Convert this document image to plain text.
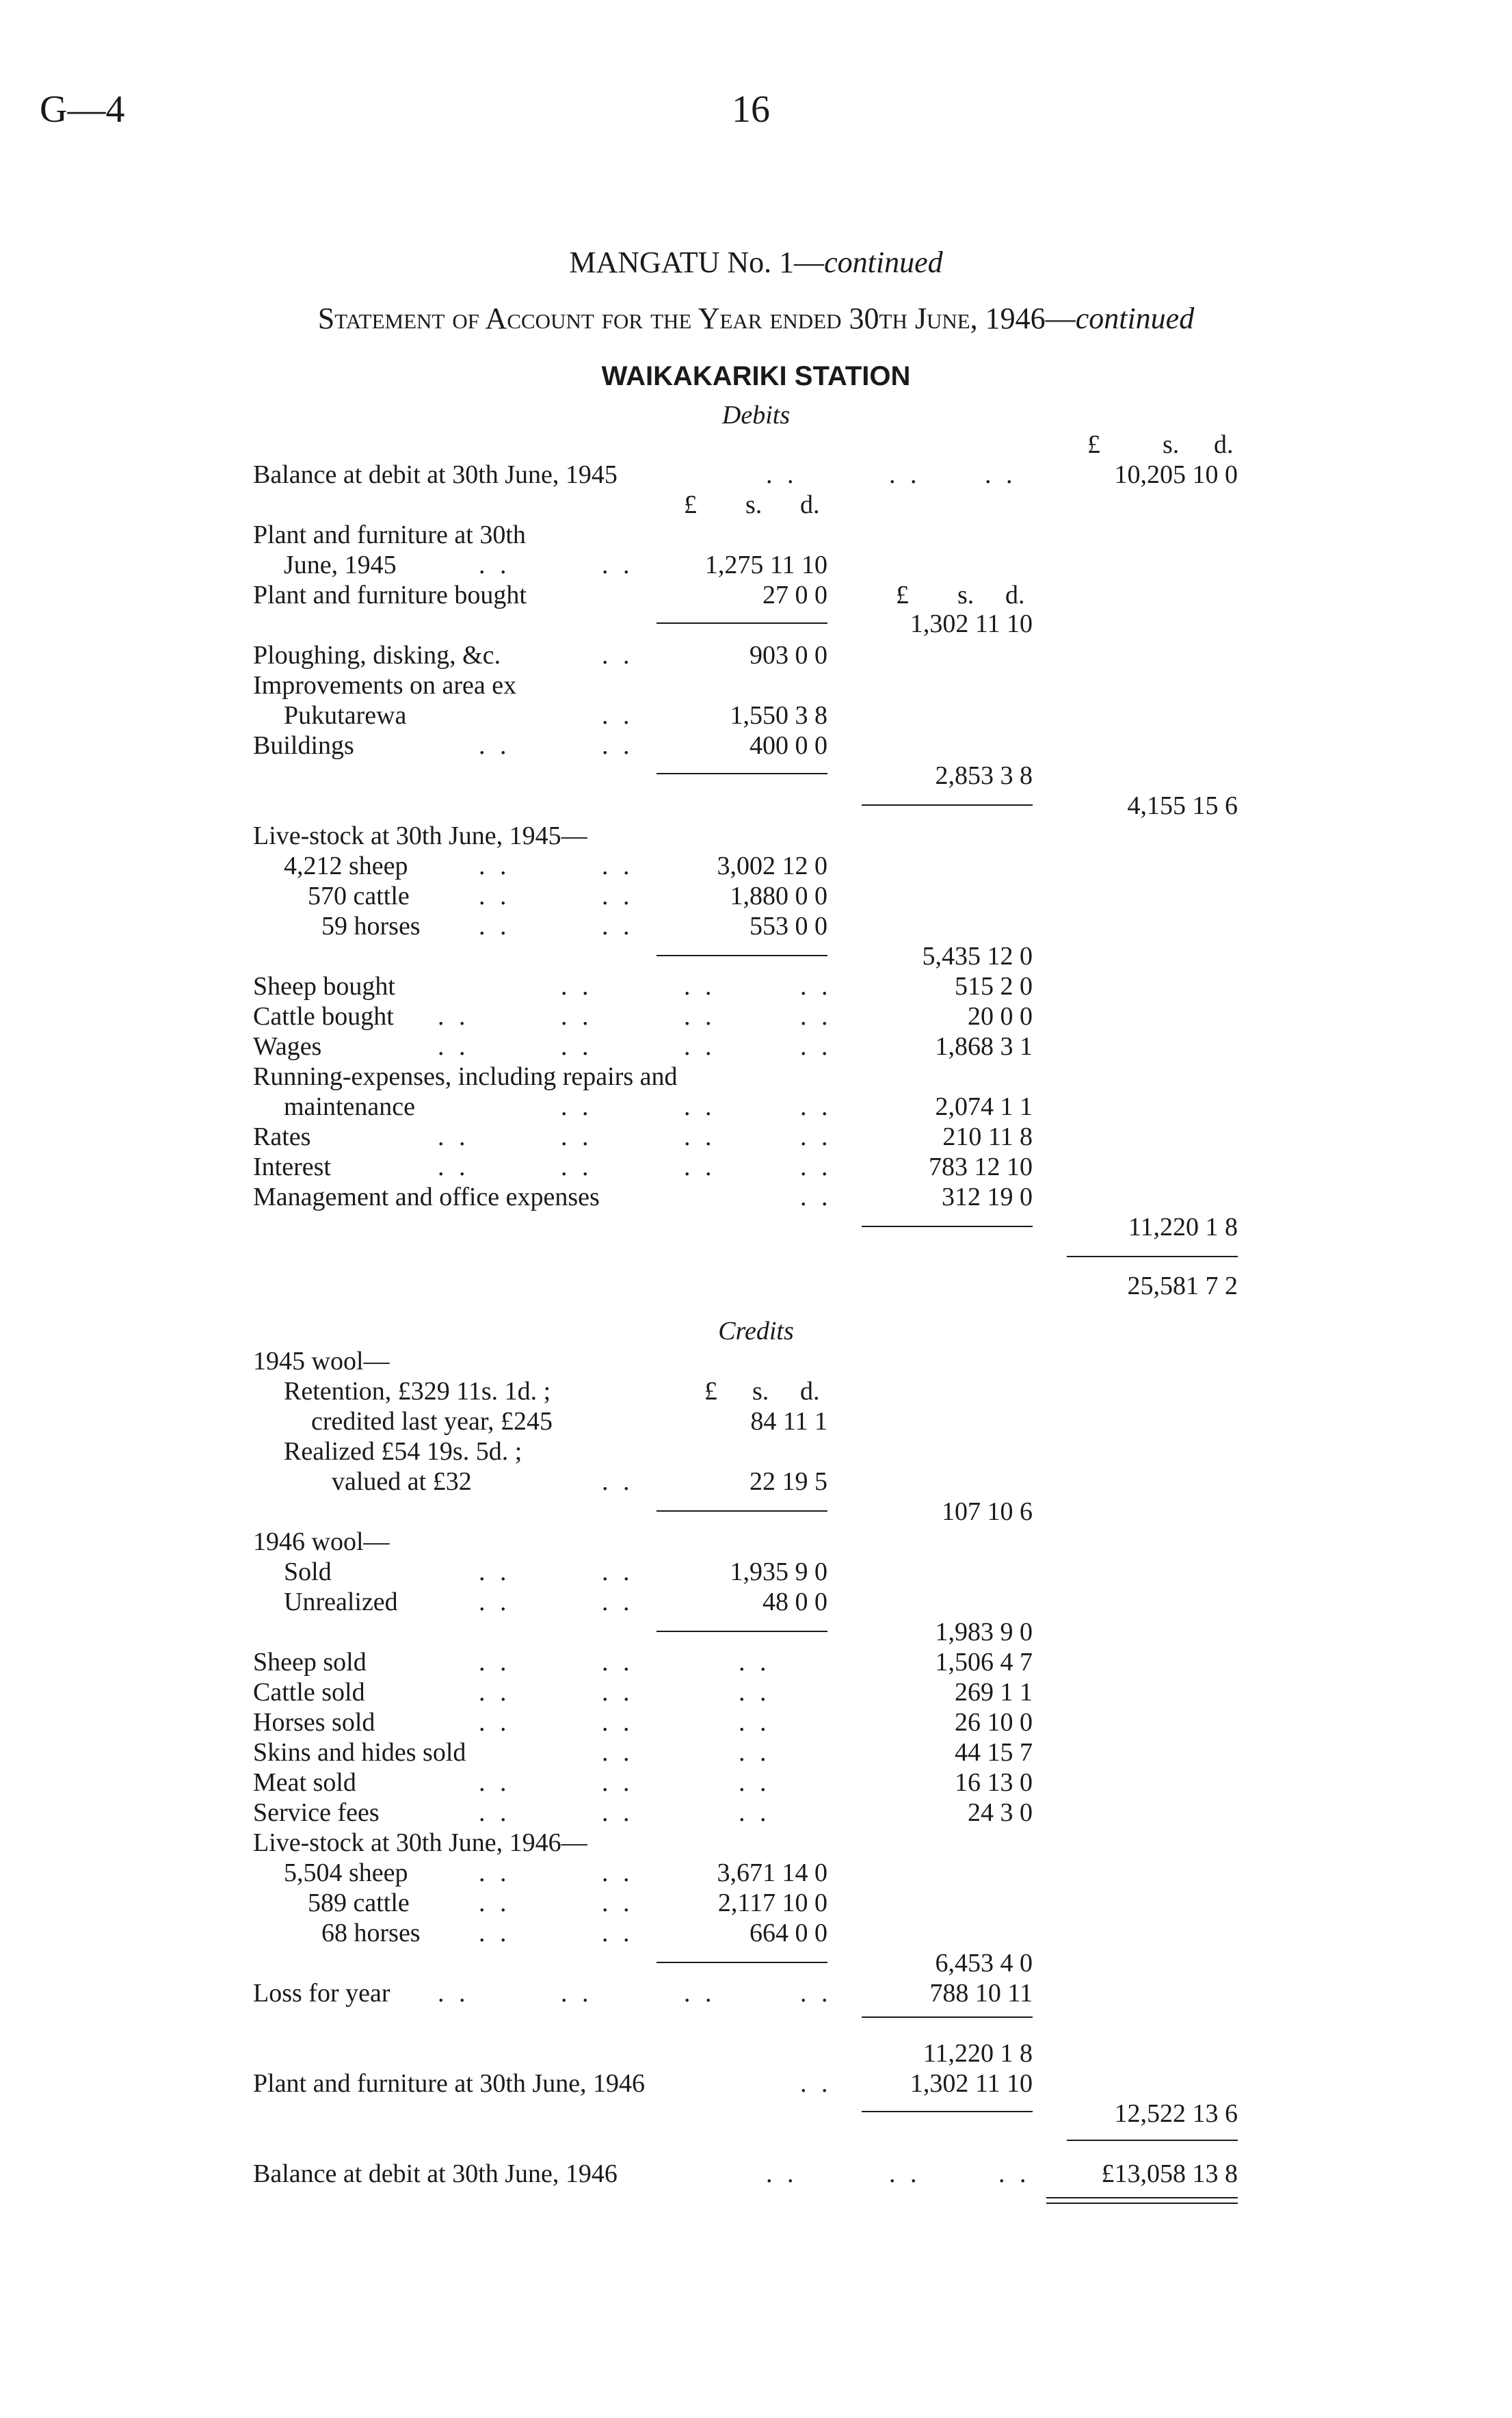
G—4	16
MANGATU No. 1—continued
Statement of Account for the Year ended 30th June, 1946—continued
WAIKAKARIKI STATION
Debits
£ s. d.
Balance at debit at 30th June, 1945	. .	. . . .	10,205 10 0
£ s. d.
Plant and furniture at 30th
June, 1945	. .	. .	1,275 11 10
Plant and furniture bought	27 0 0	£ s. d.
1,302 11 10
Ploughing, disking, &c.	. .	903 0 0
Improvements on area ex
Pukutarewa	. .	1,550 3 8
Buildings	. .	. .	400 0 0
2,853 3 8
4,155 15 6
Live-stock at 30th June, 1945—
4,212 sheep	. .	. .	3,002 12 0
570 cattle	. .	. .	1,880 0 0
59 horses . .	. .	553 0 0
5,435 12 0
Sheep bought	. .	. .	. .	515 2 0
Cattle bought . .	. .	. .	. .	20 0 0
Wages	. .	. .	. .	. .	1,868 3 1
Running-expenses, including repairs and
maintenance	. .	. .	. .	2,074 1 1
Rates	. .	. .	. .	. .	210 11 8
Interest	. .	. .	. .	. .	783 12 10
Management and office expenses	. .	312 19 0
11,220 1 8
25,581 7 2
Credits
1945 wool—
Retention, £329 11s. 1d. ;	£ s. d.
credited last year, £245	84 11 1
Realized £54 19s. 5d. ;
valued at £32	. .	22 19 5
107 10 6
1946 wool—
Sold	. .	. .	1,935 9 0
Unrealized	. .	. .	48 0 0
1,983 9 0
Sheep sold	. .	. .	. .	1,506 4 7
Cattle sold	. .	. .	. .	269 1 1
Horses sold	. .	. .	. .	26 10 0
Skins and hides sold	. .	. .	44 15 7
Meat sold	. .	. .	. .	16 13 0
Service fees	. .	. .	. .	24 3 0
Live-stock at 30th June, 1946—
5,504 sheep	. .	. .	3,671 14 0
589 cattle	. .	. .	2,117 10 0
68 horses . .	. .	664 0 0
6,453 4 0
Loss for year . .	. .	. .	. .	788 10 11
11,220 1 8
Plant and furniture at 30th June, 1946	. .	1,302 11 10
12,522 13 6
Balance at debit at 30th June, 1946	. .	. .	. .	£13,058 13 8
